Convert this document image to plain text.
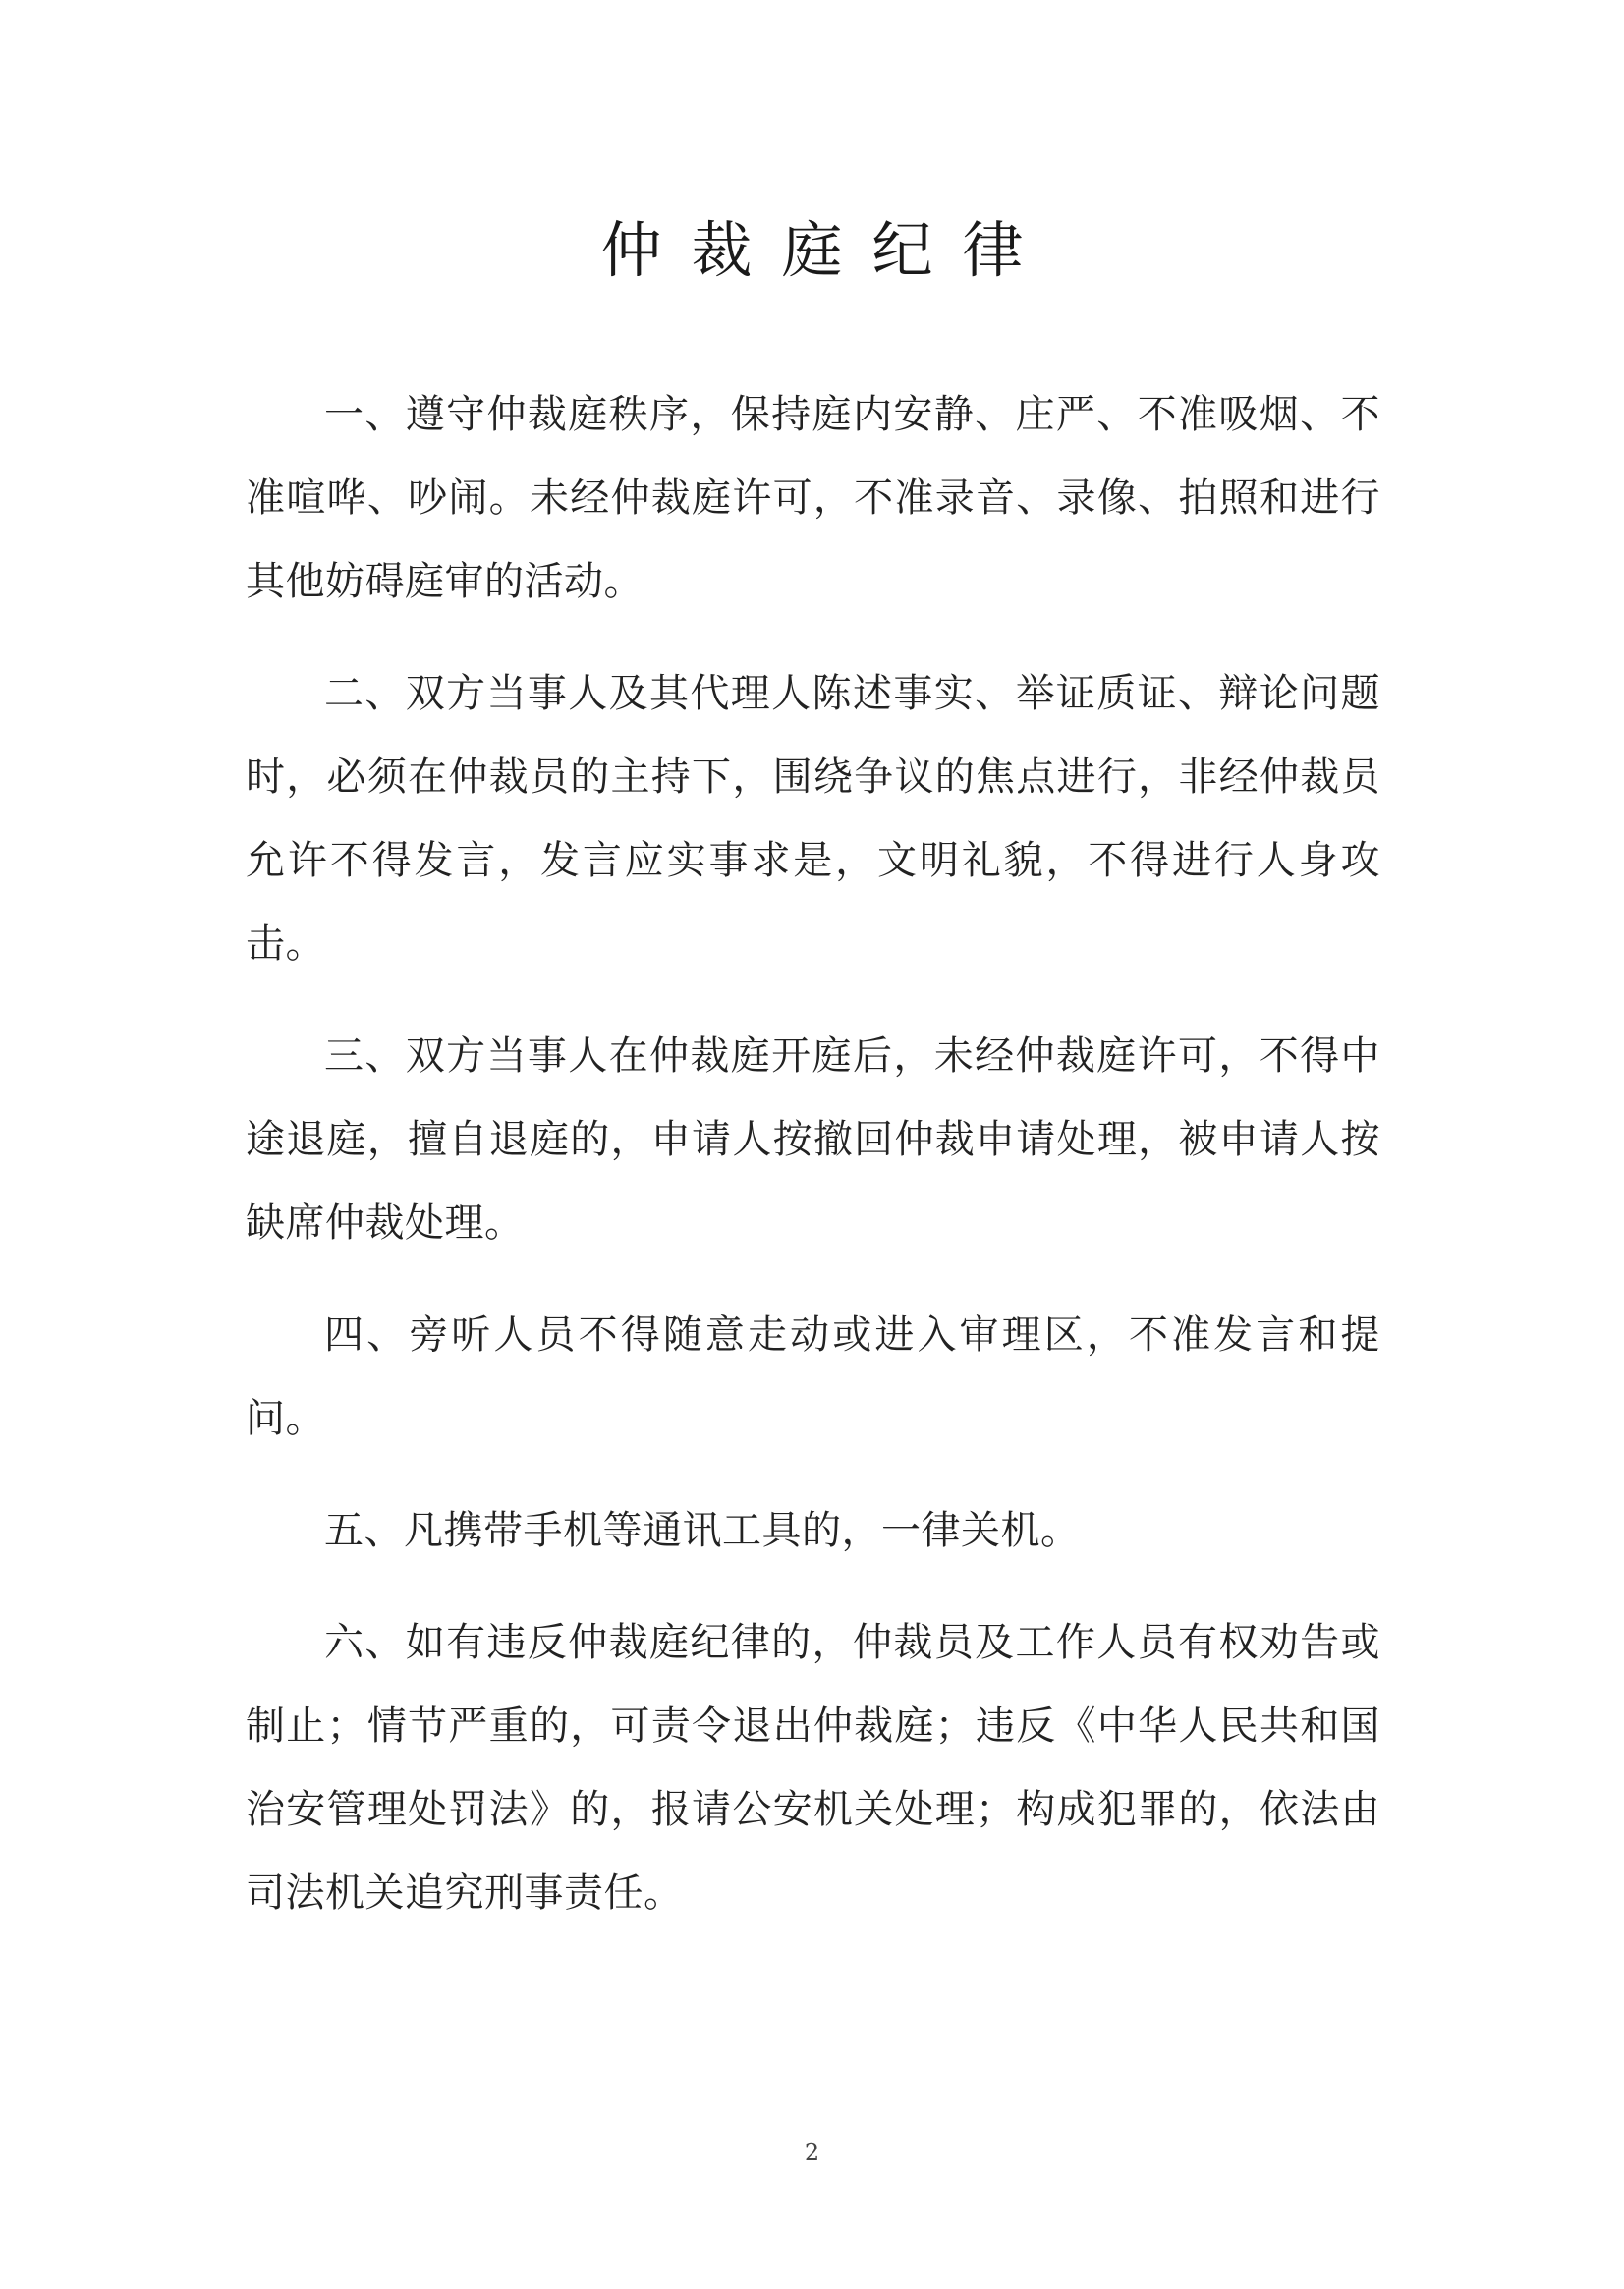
仲裁庭纪律

一、遵守仲裁庭秩序，保持庭内安静、庄严、不准吸烟、不准喧哗、吵闹。未经仲裁庭许可，不准录音、录像、拍照和进行其他妨碍庭审的活动。

二、双方当事人及其代理人陈述事实、举证质证、辩论问题时，必须在仲裁员的主持下，围绕争议的焦点进行，非经仲裁员允许不得发言，发言应实事求是，文明礼貌，不得进行人身攻击。

三、双方当事人在仲裁庭开庭后，未经仲裁庭许可，不得中途退庭，擅自退庭的，申请人按撤回仲裁申请处理，被申请人按缺席仲裁处理。

四、旁听人员不得随意走动或进入审理区，不准发言和提问。

五、凡携带手机等通讯工具的，一律关机。

六、如有违反仲裁庭纪律的，仲裁员及工作人员有权劝告或制止；情节严重的，可责令退出仲裁庭；违反《中华人民共和国治安管理处罚法》的，报请公安机关处理；构成犯罪的，依法由司法机关追究刑事责任。

2
